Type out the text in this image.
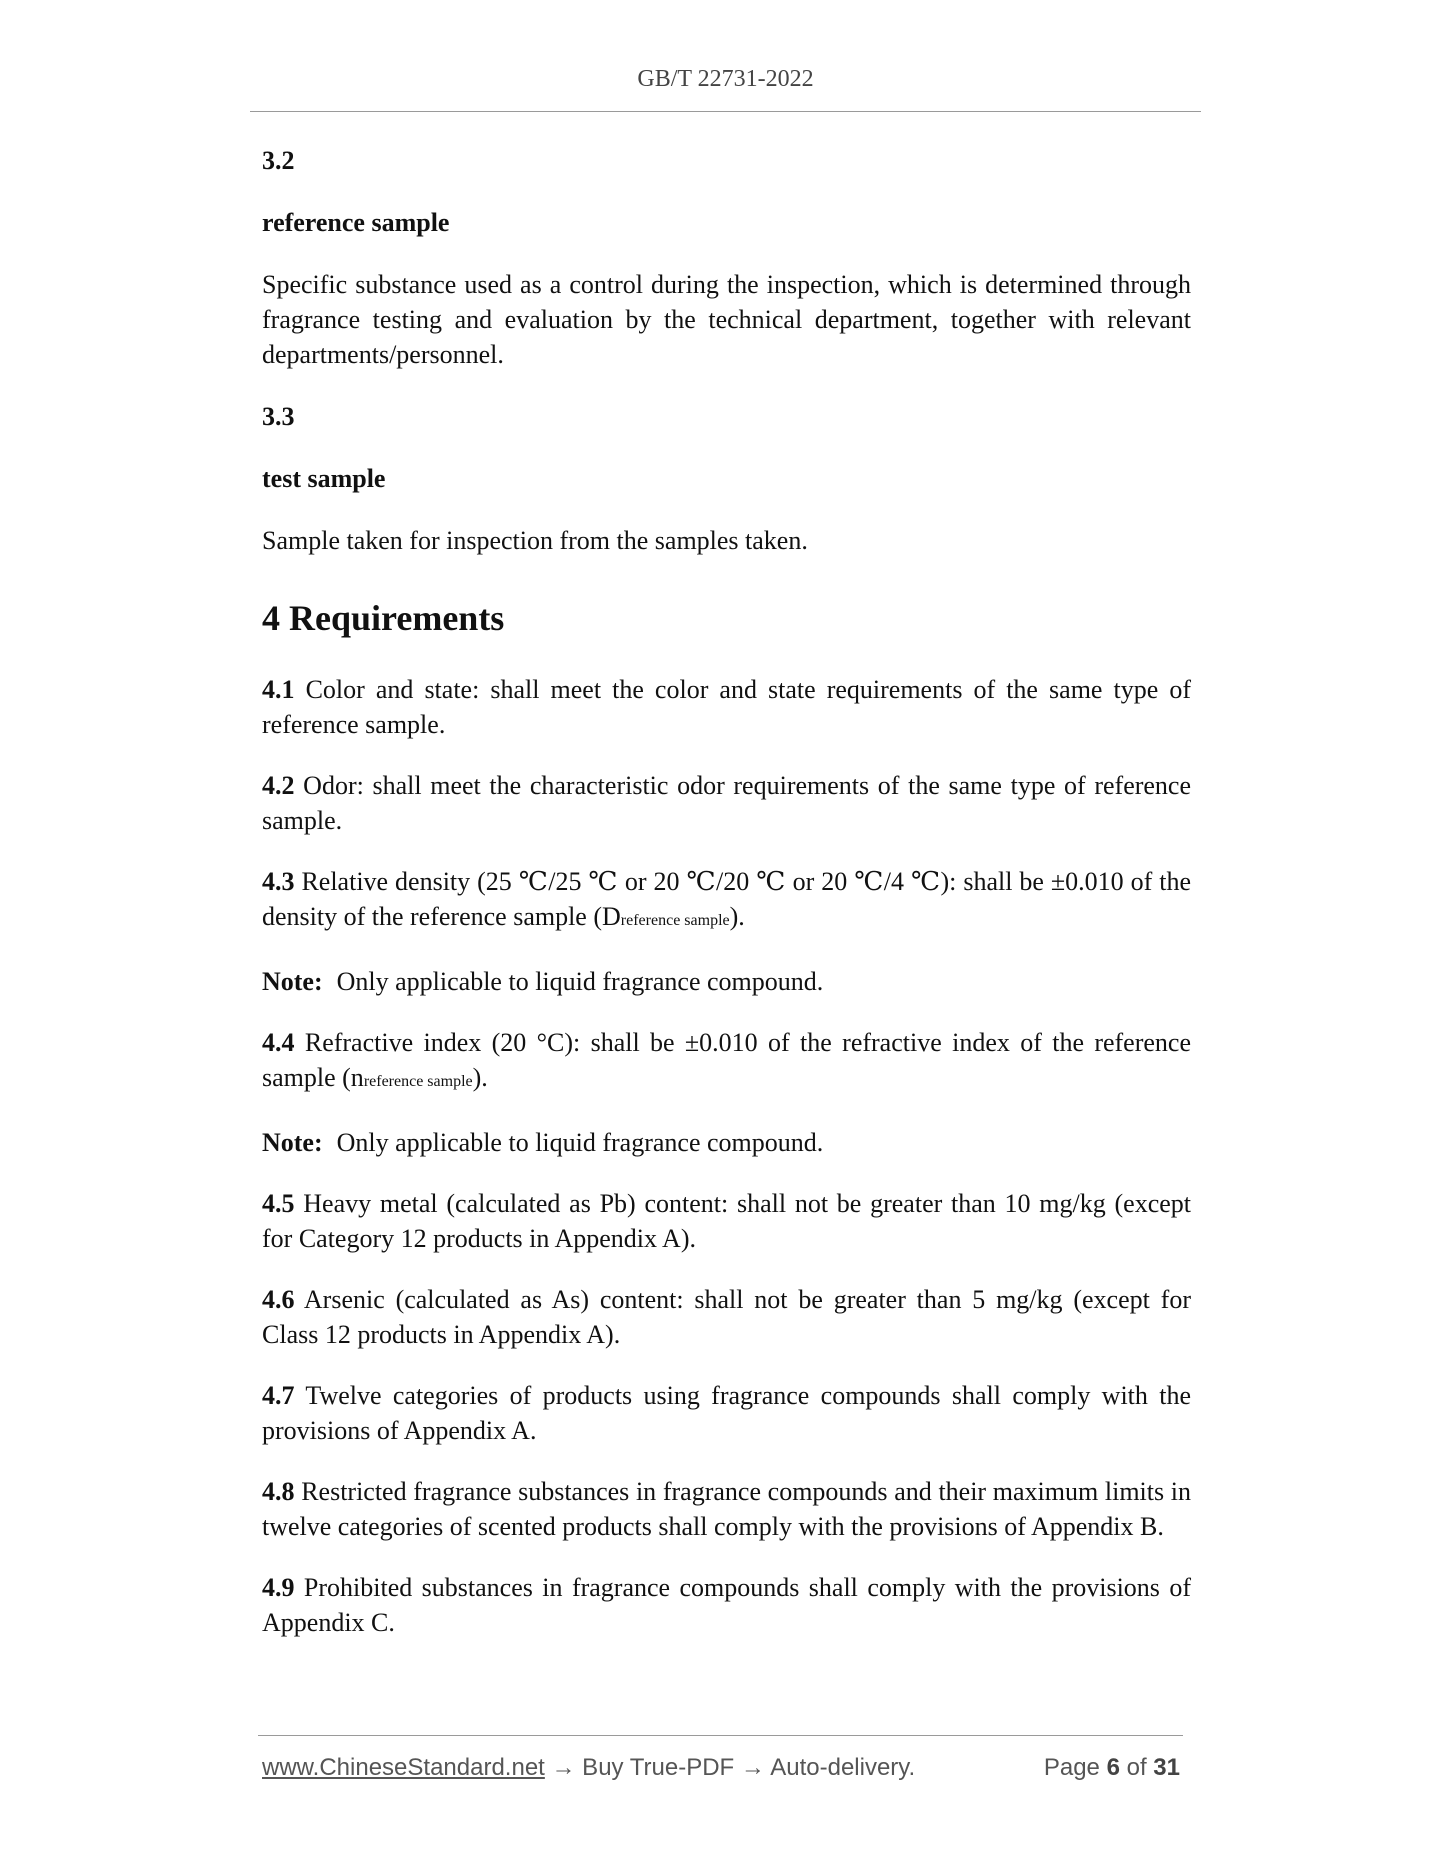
GB/T 22731-2022

3.2

reference sample

Specific substance used as a control during the inspection, which is determined through fragrance testing and evaluation by the technical department, together with relevant departments/personnel.

3.3

test sample

Sample taken for inspection from the samples taken.

4 Requirements

4.1 Color and state: shall meet the color and state requirements of the same type of reference sample.

4.2 Odor: shall meet the characteristic odor requirements of the same type of reference sample.

4.3 Relative density (25 ℃/25 ℃ or 20 ℃/20 ℃ or 20 ℃/4 ℃): shall be ±0.010 of the density of the reference sample (Dreference sample).

Note: Only applicable to liquid fragrance compound.

4.4 Refractive index (20 °C): shall be ±0.010 of the refractive index of the reference sample (nreference sample).

Note: Only applicable to liquid fragrance compound.

4.5 Heavy metal (calculated as Pb) content: shall not be greater than 10 mg/kg (except for Category 12 products in Appendix A).

4.6 Arsenic (calculated as As) content: shall not be greater than 5 mg/kg (except for Class 12 products in Appendix A).

4.7 Twelve categories of products using fragrance compounds shall comply with the provisions of Appendix A.

4.8 Restricted fragrance substances in fragrance compounds and their maximum limits in twelve categories of scented products shall comply with the provisions of Appendix B.

4.9 Prohibited substances in fragrance compounds shall comply with the provisions of Appendix C.

www.ChineseStandard.net → Buy True-PDF → Auto-delivery.	Page 6 of 31
